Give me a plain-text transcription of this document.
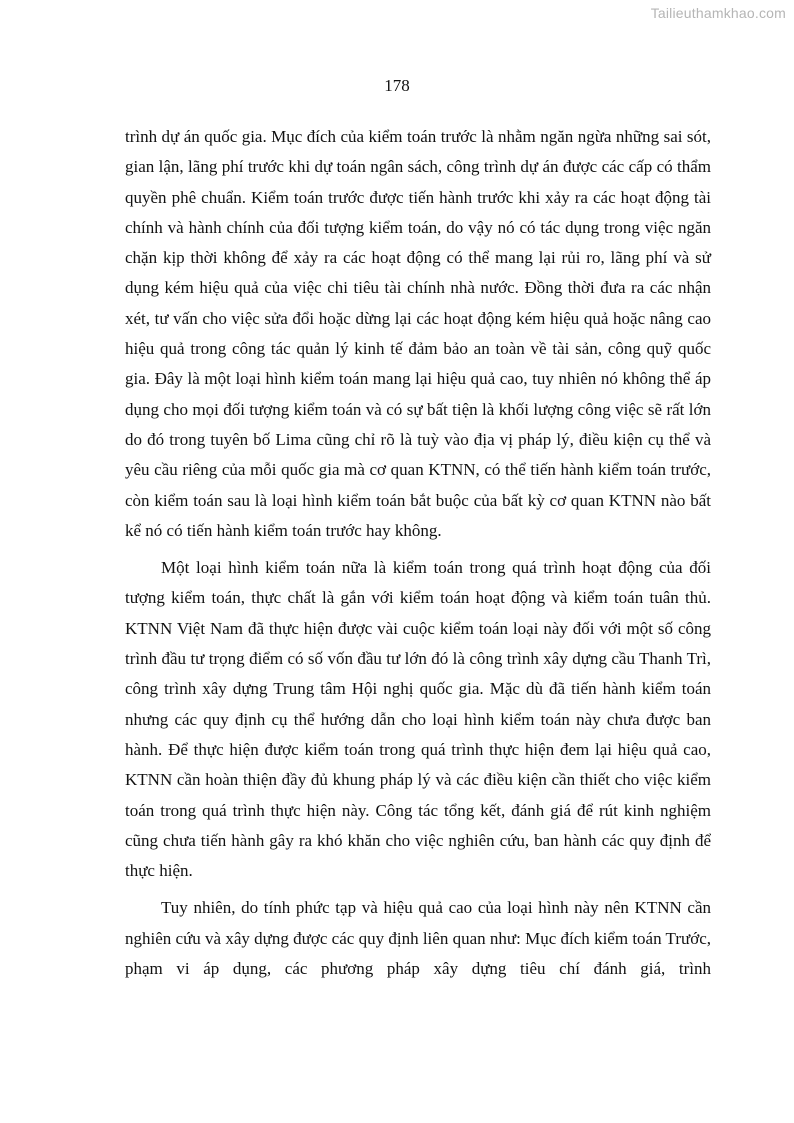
Tailieuthamkhao.com
178

trình dự án quốc gia. Mục đích của kiểm toán trước là nhằm ngăn ngừa những sai sót, gian lận, lãng phí trước khi dự toán ngân sách, công trình dự án được các cấp có thẩm quyền phê chuẩn. Kiểm toán trước được tiến hành trước khi xảy ra các hoạt động tài chính và hành chính của đối tượng kiểm toán, do vậy nó có tác dụng trong việc ngăn chặn kịp thời không để xảy ra các hoạt động có thể mang lại rủi ro, lãng phí và sử dụng kém hiệu quả của việc chi tiêu tài chính nhà nước. Đồng thời đưa ra các nhận xét, tư vấn cho việc sửa đổi hoặc dừng lại các hoạt động kém hiệu quả hoặc nâng cao hiệu quả trong công tác quản lý kinh tế đảm bảo an toàn về tài sản, công quỹ quốc gia. Đây là một loại hình kiểm toán mang lại hiệu quả cao, tuy nhiên nó không thể áp dụng cho mọi đối tượng kiểm toán và có sự bất tiện là khối lượng công việc sẽ rất lớn do đó trong tuyên bố Lima cũng chỉ rõ là tuỳ vào địa vị pháp lý, điều kiện cụ thể và yêu cầu riêng của mỗi quốc gia mà cơ quan KTNN, có thể tiến hành kiểm toán trước, còn kiểm toán sau là loại hình kiểm toán bắt buộc của bất kỳ cơ quan KTNN nào bất kể nó có tiến hành kiểm toán trước hay không.

Một loại hình kiểm toán nữa là kiểm toán trong quá trình hoạt động của đối tượng kiểm toán, thực chất là gắn với kiểm toán hoạt động và kiểm toán tuân thủ. KTNN Việt Nam đã thực hiện được vài cuộc kiểm toán loại này đối với một số công trình đầu tư trọng điểm có số vốn đầu tư lớn đó là công trình xây dựng cầu Thanh Trì, công trình xây dựng Trung tâm Hội nghị quốc gia. Mặc dù đã tiến hành kiểm toán nhưng các quy định cụ thể hướng dẫn cho loại hình kiểm toán này chưa được ban hành. Để thực hiện được kiểm toán trong quá trình thực hiện đem lại hiệu quả cao, KTNN cần hoàn thiện đầy đủ khung pháp lý và các điều kiện cần thiết cho việc kiểm toán trong quá trình thực hiện này. Công tác tổng kết, đánh giá để rút kinh nghiệm cũng chưa tiến hành gây ra khó khăn cho việc nghiên cứu, ban hành các quy định để thực hiện.

Tuy nhiên, do tính phức tạp và hiệu quả cao của loại hình này nên KTNN cần nghiên cứu và xây dựng được các quy định liên quan như: Mục đích kiểm toán Trước, phạm vi áp dụng, các phương pháp xây dựng tiêu chí đánh giá, trình
